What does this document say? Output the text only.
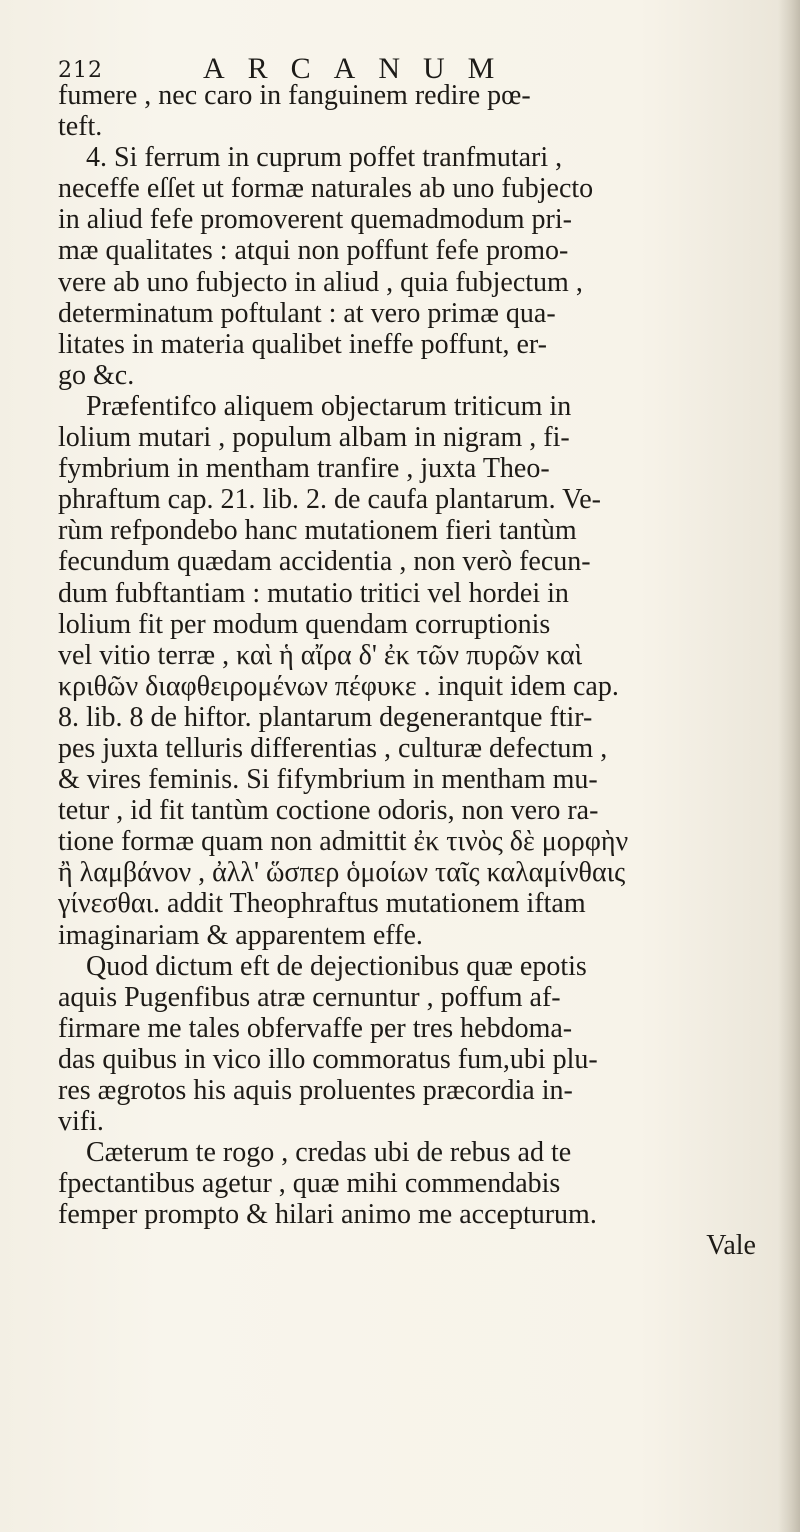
212	ARCANUM
fumere , nec caro in fanguinem redire pœ-
teft.
4. Si ferrum in cuprum poffet tranfmutari ,
neceffe eſſet ut formæ naturales ab uno fubjecto
in aliud fefe promoverent quemadmodum pri-
mæ qualitates : atqui non poffunt fefe promo-
vere ab uno fubjecto in aliud , quia fubjectum ,
determinatum poftulant : at vero primæ qua-
litates in materia qualibet ineffe poffunt, er-
go &c.
Præfentifco aliquem objectarum triticum in
lolium mutari , populum albam in nigram , fi-
fymbrium in mentham tranfire , juxta Theo-
phraftum cap. 21. lib. 2. de caufa plantarum. Ve-
rùm refpondebo hanc mutationem fieri tantùm
fecundum quædam accidentia , non verò fecun-
dum fubftantiam : mutatio tritici vel hordei in
lolium fit per modum quendam corruptionis
vel vitio terræ , καὶ ἡ αἴρα δ' ἐκ τῶν πυρῶν καὶ
κριθῶν διαφθειρομένων πέφυκε . inquit idem cap.
8. lib. 8 de hiftor. plantarum degenerantque ftir-
pes juxta telluris differentias , culturæ defectum ,
& vires feminis. Si fifymbrium in mentham mu-
tetur , id fit tantùm coctione odoris, non vero ra-
tione formæ quam non admittit ἐκ τινὸς δὲ μορφὴν
ἢ λαμβάνον , ἀλλ' ὥσπερ ὁμοίων ταῖς καλαμίνθαις
γίνεσθαι. addit Theophraftus mutationem iftam
imaginariam & apparentem effe.
Quod dictum eft de dejectionibus quæ epotis
aquis Pugenfibus atræ cernuntur , poffum af-
firmare me tales obfervaffe per tres hebdoma-
das quibus in vico illo commoratus fum,ubi plu-
res ægrotos his aquis proluentes præcordia in-
vifi.
Cæterum te rogo , credas ubi de rebus ad te
fpectantibus agetur , quæ mihi commendabis
femper prompto & hilari animo me accepturum.
Vale
